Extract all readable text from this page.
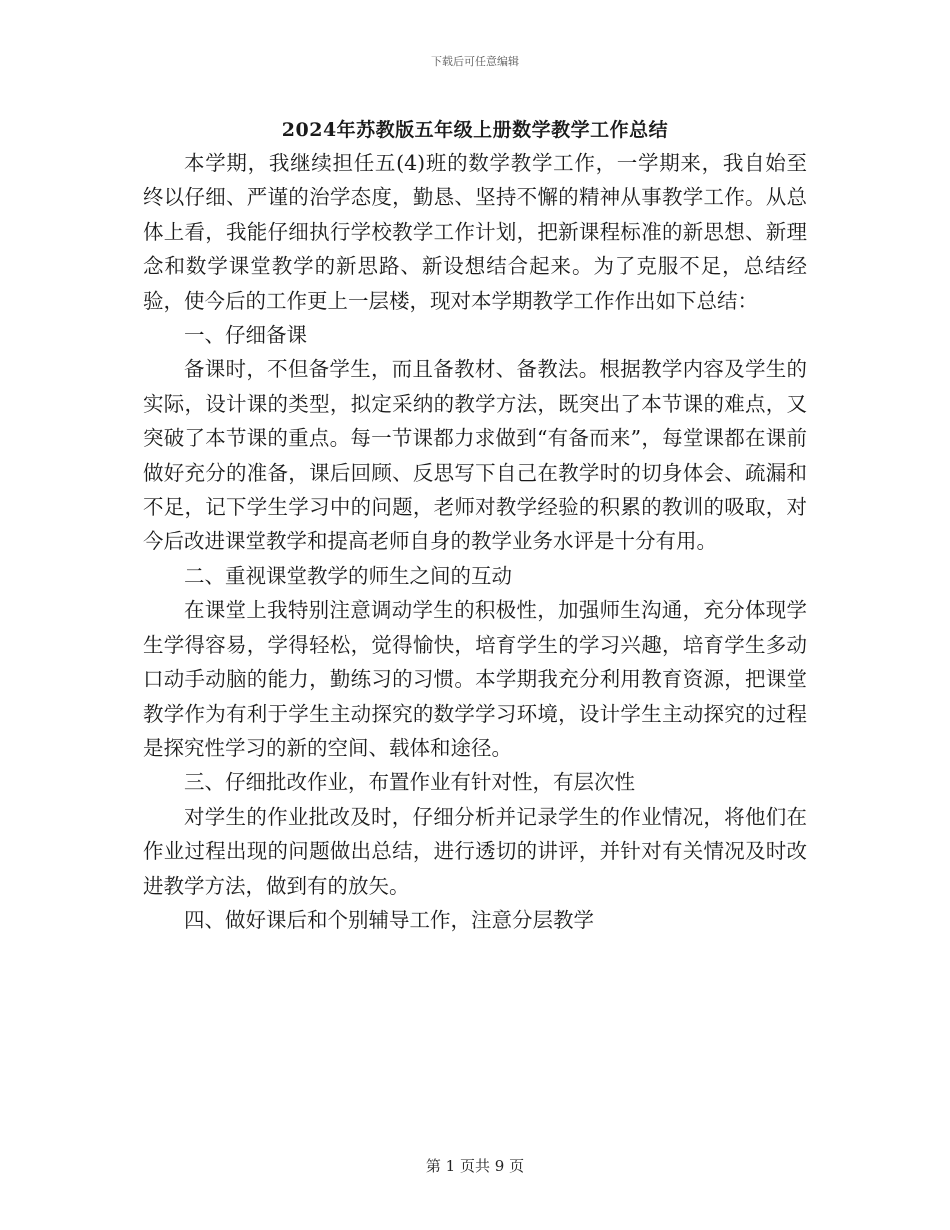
下载后可任意编辑
2024年苏教版五年级上册数学教学工作总结

本学期，我继续担任五(4)班的数学教学工作，一学期来，我自始至终以仔细、严谨的治学态度，勤恳、坚持不懈的精神从事教学工作。从总体上看，我能仔细执行学校教学工作计划，把新课程标准的新思想、新理念和数学课堂教学的新思路、新设想结合起来。为了克服不足，总结经验，使今后的工作更上一层楼，现对本学期教学工作作出如下总结：

一、仔细备课

备课时，不但备学生，而且备教材、备教法。根据教学内容及学生的实际，设计课的类型，拟定采纳的教学方法，既突出了本节课的难点，又突破了本节课的重点。每一节课都力求做到“有备而来”，每堂课都在课前做好充分的准备，课后回顾、反思写下自己在教学时的切身体会、疏漏和不足，记下学生学习中的问题，老师对教学经验的积累的教训的吸取，对今后改进课堂教学和提高老师自身的教学业务水评是十分有用。

二、重视课堂教学的师生之间的互动

在课堂上我特别注意调动学生的积极性，加强师生沟通，充分体现学生学得容易，学得轻松，觉得愉快，培育学生的学习兴趣，培育学生多动口动手动脑的能力，勤练习的习惯。本学期我充分利用教育资源，把课堂教学作为有利于学生主动探究的数学学习环境，设计学生主动探究的过程是探究性学习的新的空间、载体和途径。

三、仔细批改作业，布置作业有针对性，有层次性

对学生的作业批改及时，仔细分析并记录学生的作业情况，将他们在作业过程出现的问题做出总结，进行透切的讲评，并针对有关情况及时改进教学方法，做到有的放矢。

四、做好课后和个别辅导工作，注意分层教学

第 1 页共 9 页
